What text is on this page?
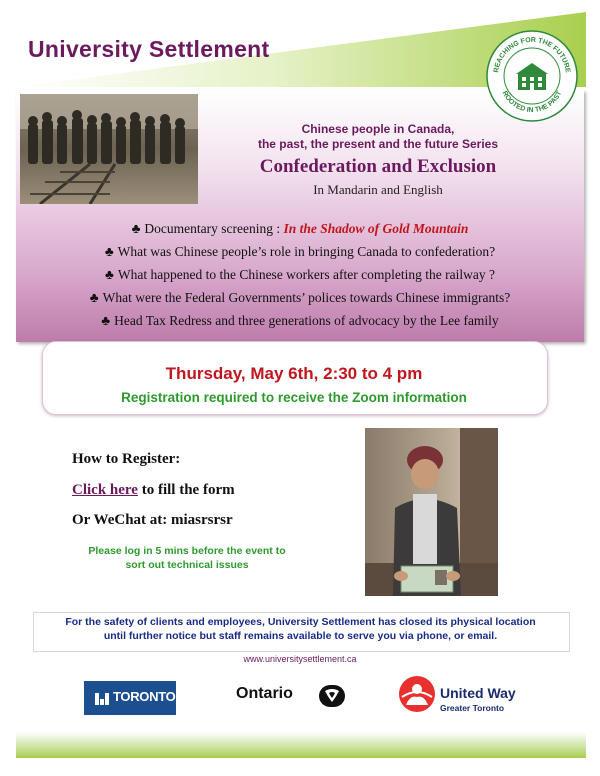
University Settlement
Chinese people in Canada,
the past, the present and the future Series
Confederation and Exclusion
In Mandarin and English
♣ Documentary screening : In the Shadow of Gold Mountain
♣ What was Chinese people’s role in bringing Canada to confederation?
♣ What happened to the Chinese workers after completing the railway ?
♣ What were the Federal Governments’ polices towards Chinese immigrants?
♣ Head Tax Redress and three generations of advocacy by the Lee family
REACHING FOR THE FUTURE
ROOTED IN THE PAST
Thursday, May 6th, 2:30 to 4 pm
Registration required to receive the Zoom information
How to Register:
Click here to fill the form
Or WeChat at: miasrsrsr
Please log in 5 mins before the event to
sort out technical issues
For the safety of clients and employees, University Settlement has closed its physical location
until further notice but staff remains available to serve you via phone, or email.
www.universitysettlement.ca
TORONTO	Ontario	United Way
Greater Toronto
